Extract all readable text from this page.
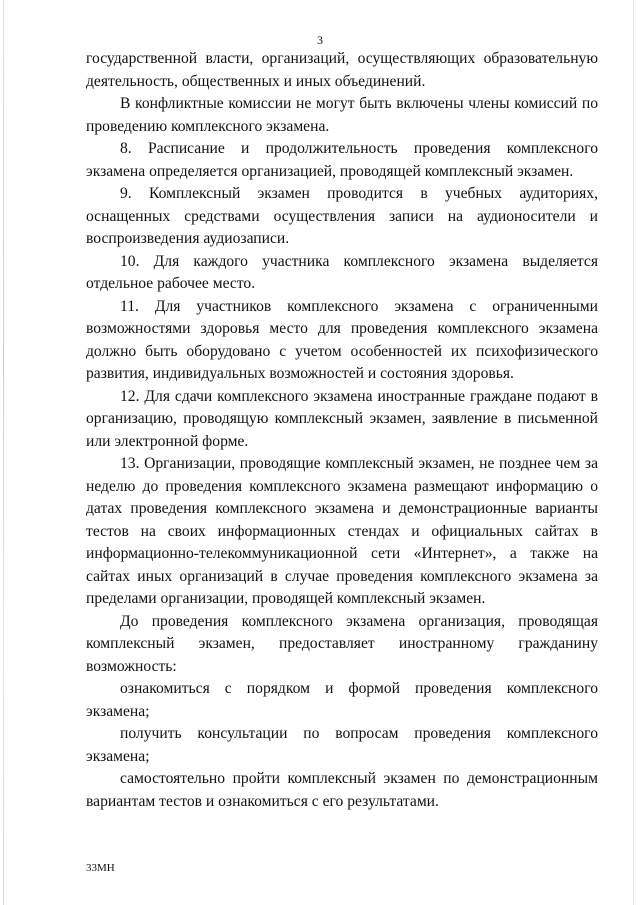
3

государственной власти, организаций, осуществляющих образовательную деятельность, общественных и иных объединений.

В конфликтные комиссии не могут быть включены члены комиссий по проведению комплексного экзамена.

8. Расписание и продолжительность проведения комплексного экзамена определяется организацией, проводящей комплексный экзамен.

9. Комплексный экзамен проводится в учебных аудиториях, оснащенных средствами осуществления записи на аудионосители и воспроизведения аудиозаписи.

10. Для каждого участника комплексного экзамена выделяется отдельное рабочее место.

11. Для участников комплексного экзамена с ограниченными возможностями здоровья место для проведения комплексного экзамена должно быть оборудовано с учетом особенностей их психофизического развития, индивидуальных возможностей и состояния здоровья.

12. Для сдачи комплексного экзамена иностранные граждане подают в организацию, проводящую комплексный экзамен, заявление в письменной или электронной форме.

13. Организации, проводящие комплексный экзамен, не позднее чем за неделю до проведения комплексного экзамена размещают информацию о датах проведения комплексного экзамена и демонстрационные варианты тестов на своих информационных стендах и официальных сайтах в информационно-телекоммуникационной сети «Интернет», а также на сайтах иных организаций в случае проведения комплексного экзамена за пределами организации, проводящей комплексный экзамен.

До проведения комплексного экзамена организация, проводящая комплексный экзамен, предоставляет иностранному гражданину возможность:

ознакомиться с порядком и формой проведения комплексного экзамена;

получить консультации по вопросам проведения комплексного экзамена;

самостоятельно пройти комплексный экзамен по демонстрационным вариантам тестов и ознакомиться с его результатами.

33МН
